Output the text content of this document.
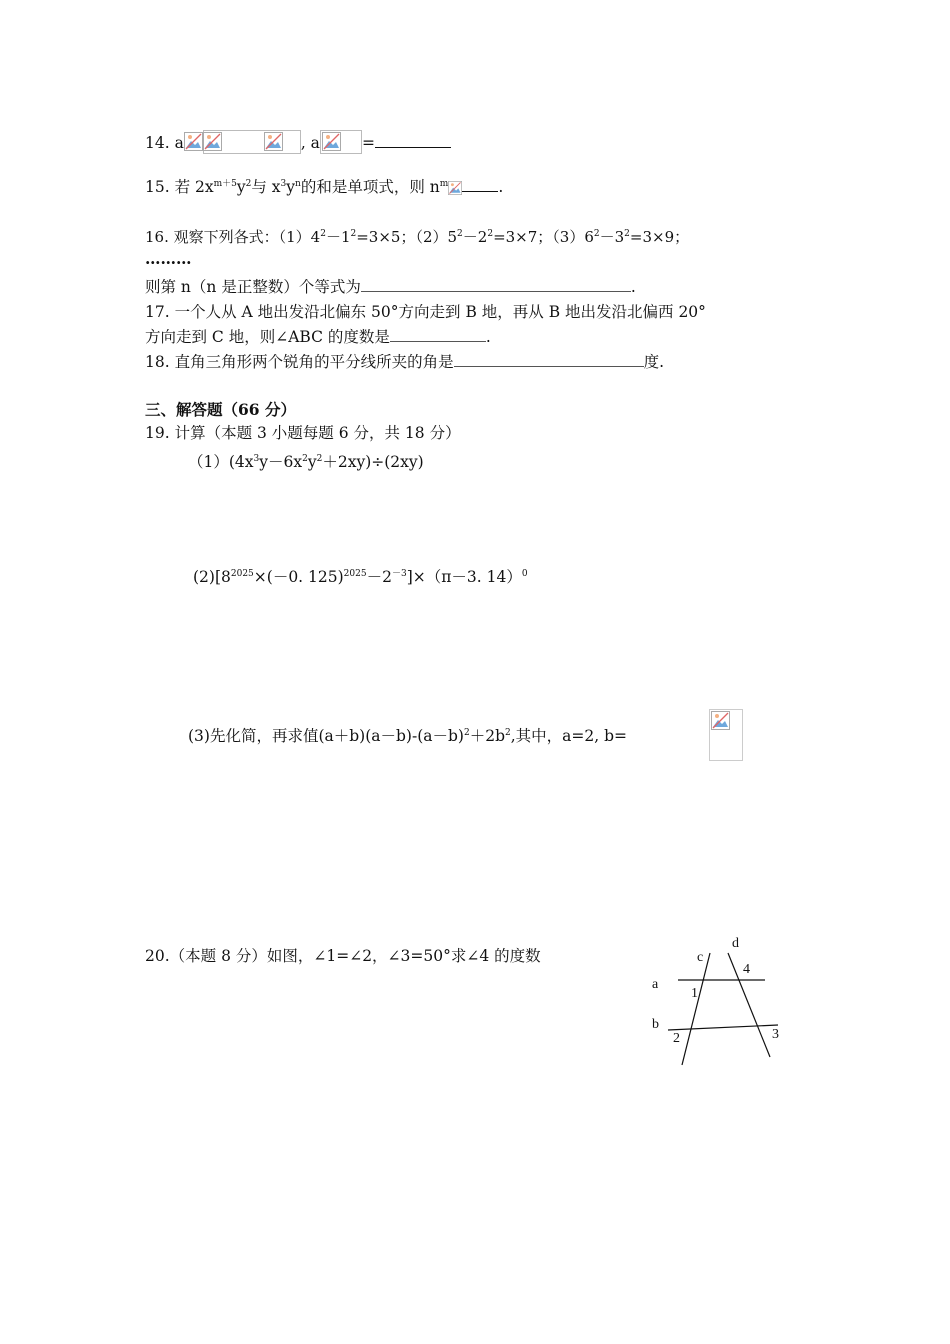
14. a	, a	=
15. 若 $2x^{m+5}y^2$与 $x^3y^n$的和是单项式，则 $n^m$	.
16. 观察下列各式：$(1)4^2-1^2=3\times 5$；$(2)5^2-2^2=3\times 7$；$(3)6^2-3^2=3\times 9$；
………
则第 n（n 是正整数）个等式为	.
17. 一个人从 A 地出发沿北偏东 50°方向走到 B 地，再从 B 地出发沿北偏西 20°
方向走到 C 地，则∠ABC 的度数是	.
18. 直角三角形两个锐角的平分线所夹的角是	度.
三、解答题（66 分）
19. 计算（本题 3 小题每题 6 分，共 18 分）
$(1)(4x^3y-6x^2y^2+2xy)\div(2xy)$
$(2)[8^{2025}\times(-0$. $125)^{2025}-2^{-3}]\times(\pi-3$. 14）$^0$
(3)先化简，再求值$(a+b)(a-b)-(a-b)^2+2b^2$,其中，a=2, b=
20.（本题 8 分）如图，∠1=∠2，∠3=50°求∠4 的度数
d
c
4
a
1
b
2	3
